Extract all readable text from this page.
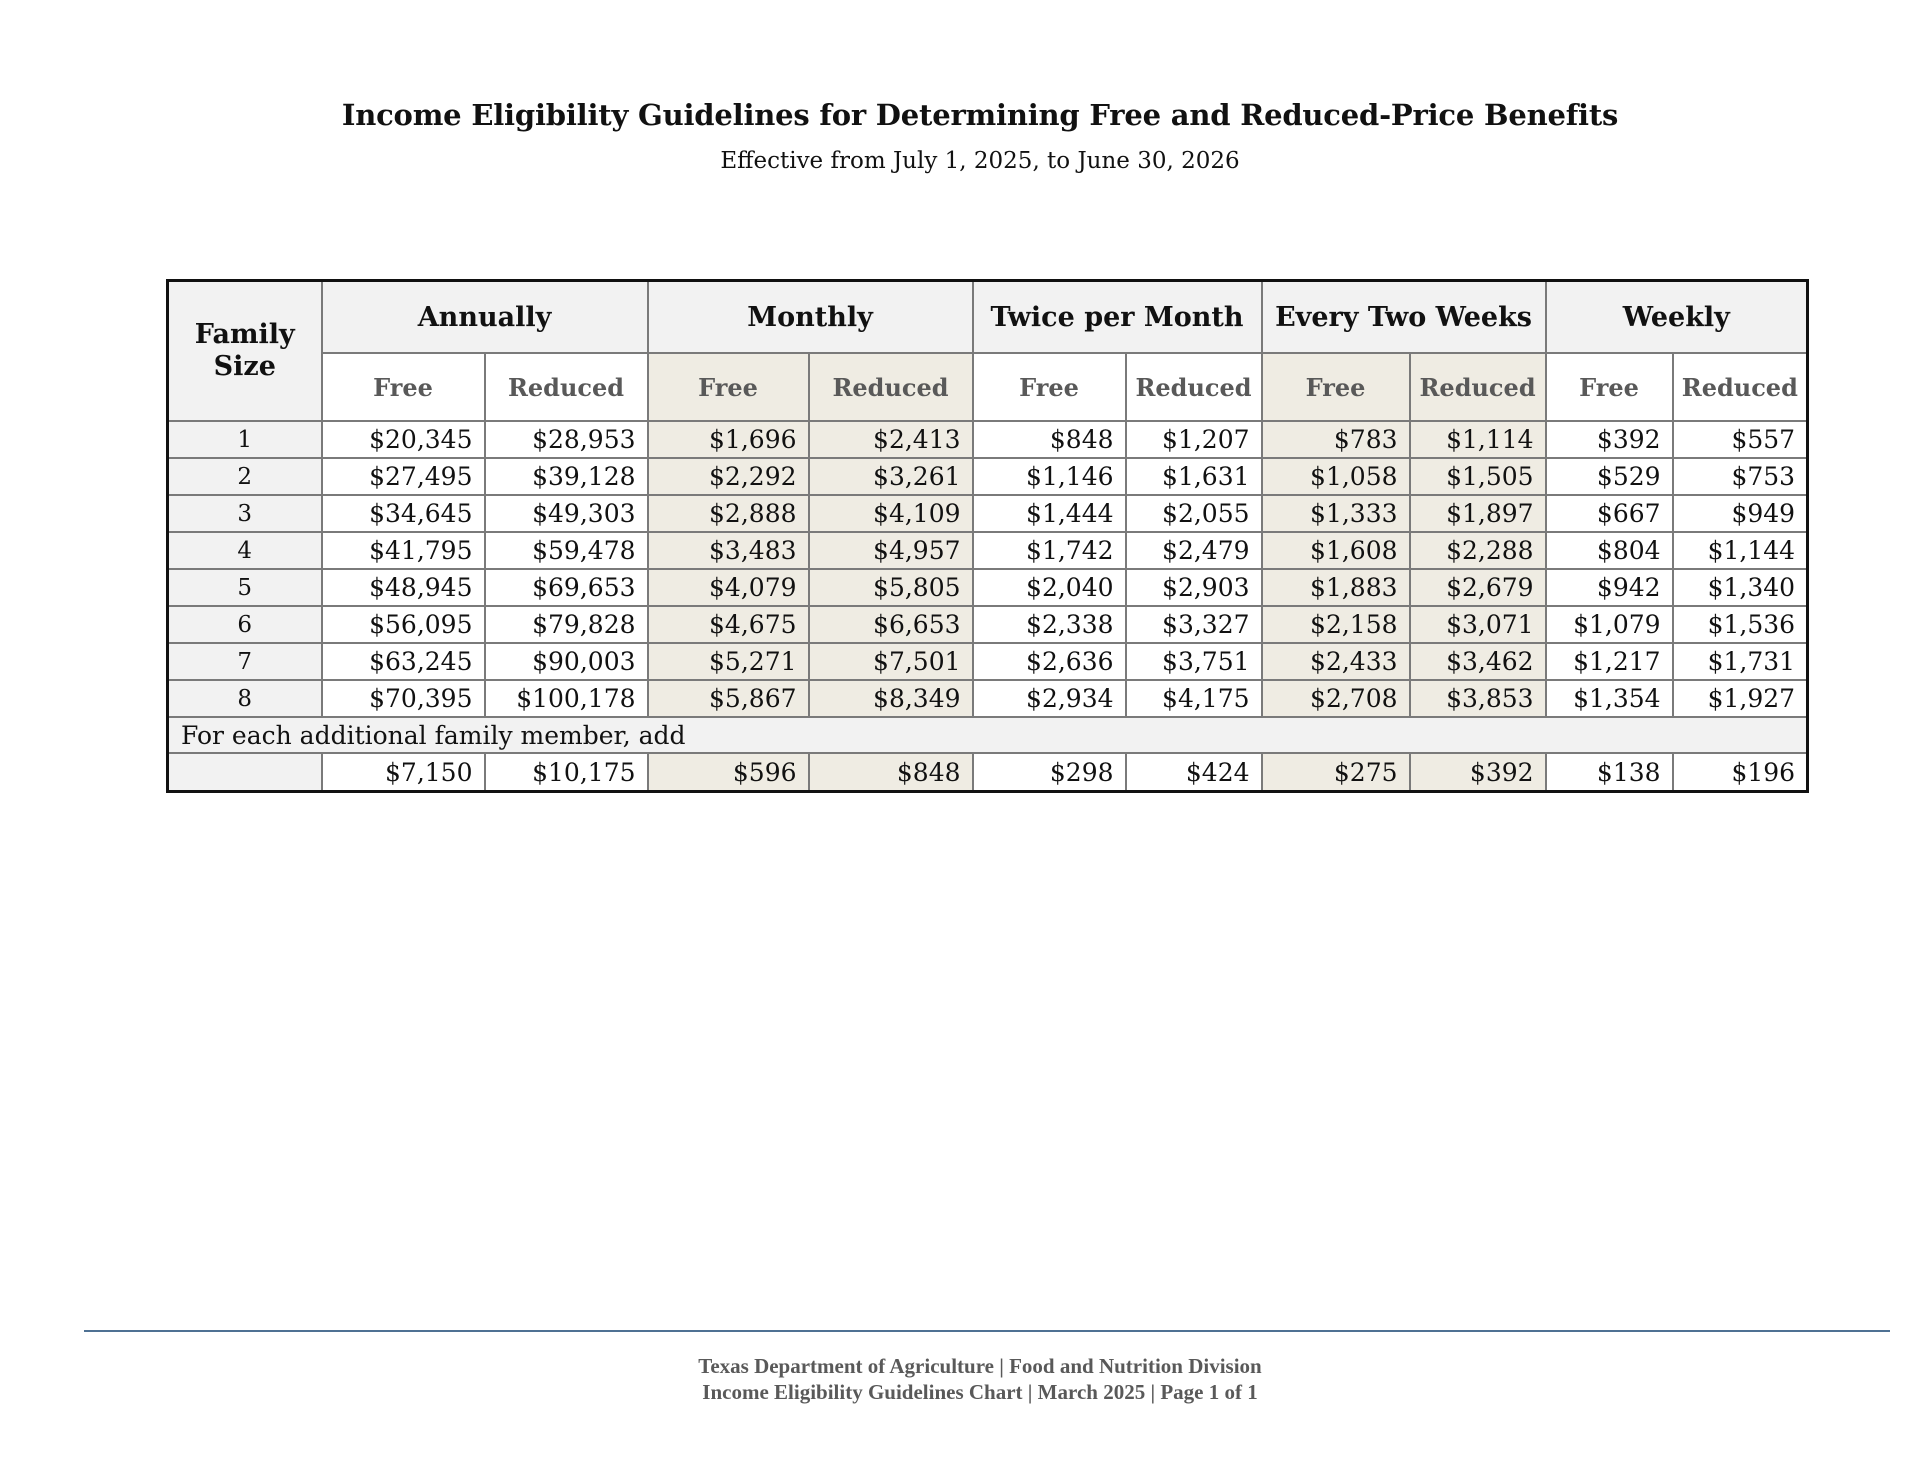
Income Eligibility Guidelines for Determining Free and Reduced-Price Benefits
Effective from July 1, 2025, to June 30, 2026
Family Size	Annually		Monthly		Twice per Month		Every Two Weeks		Weekly	
	Free	Reduced	Free	Reduced	Free	Reduced	Free	Reduced	Free	Reduced
1	$20,345	$28,953	$1,696	$2,413	$848	$1,207	$783	$1,114	$392	$557
2	$27,495	$39,128	$2,292	$3,261	$1,146	$1,631	$1,058	$1,505	$529	$753
3	$34,645	$49,303	$2,888	$4,109	$1,444	$2,055	$1,333	$1,897	$667	$949
4	$41,795	$59,478	$3,483	$4,957	$1,742	$2,479	$1,608	$2,288	$804	$1,144
5	$48,945	$69,653	$4,079	$5,805	$2,040	$2,903	$1,883	$2,679	$942	$1,340
6	$56,095	$79,828	$4,675	$6,653	$2,338	$3,327	$2,158	$3,071	$1,079	$1,536
7	$63,245	$90,003	$5,271	$7,501	$2,636	$3,751	$2,433	$3,462	$1,217	$1,731
8	$70,395	$100,178	$5,867	$8,349	$2,934	$4,175	$2,708	$3,853	$1,354	$1,927
For each additional family member, add										
	$7,150	$10,175	$596	$848	$298	$424	$275	$392	$138	$196
Texas Department of Agriculture | Food and Nutrition Division
Income Eligibility Guidelines Chart | March 2025 | Page 1 of 1
